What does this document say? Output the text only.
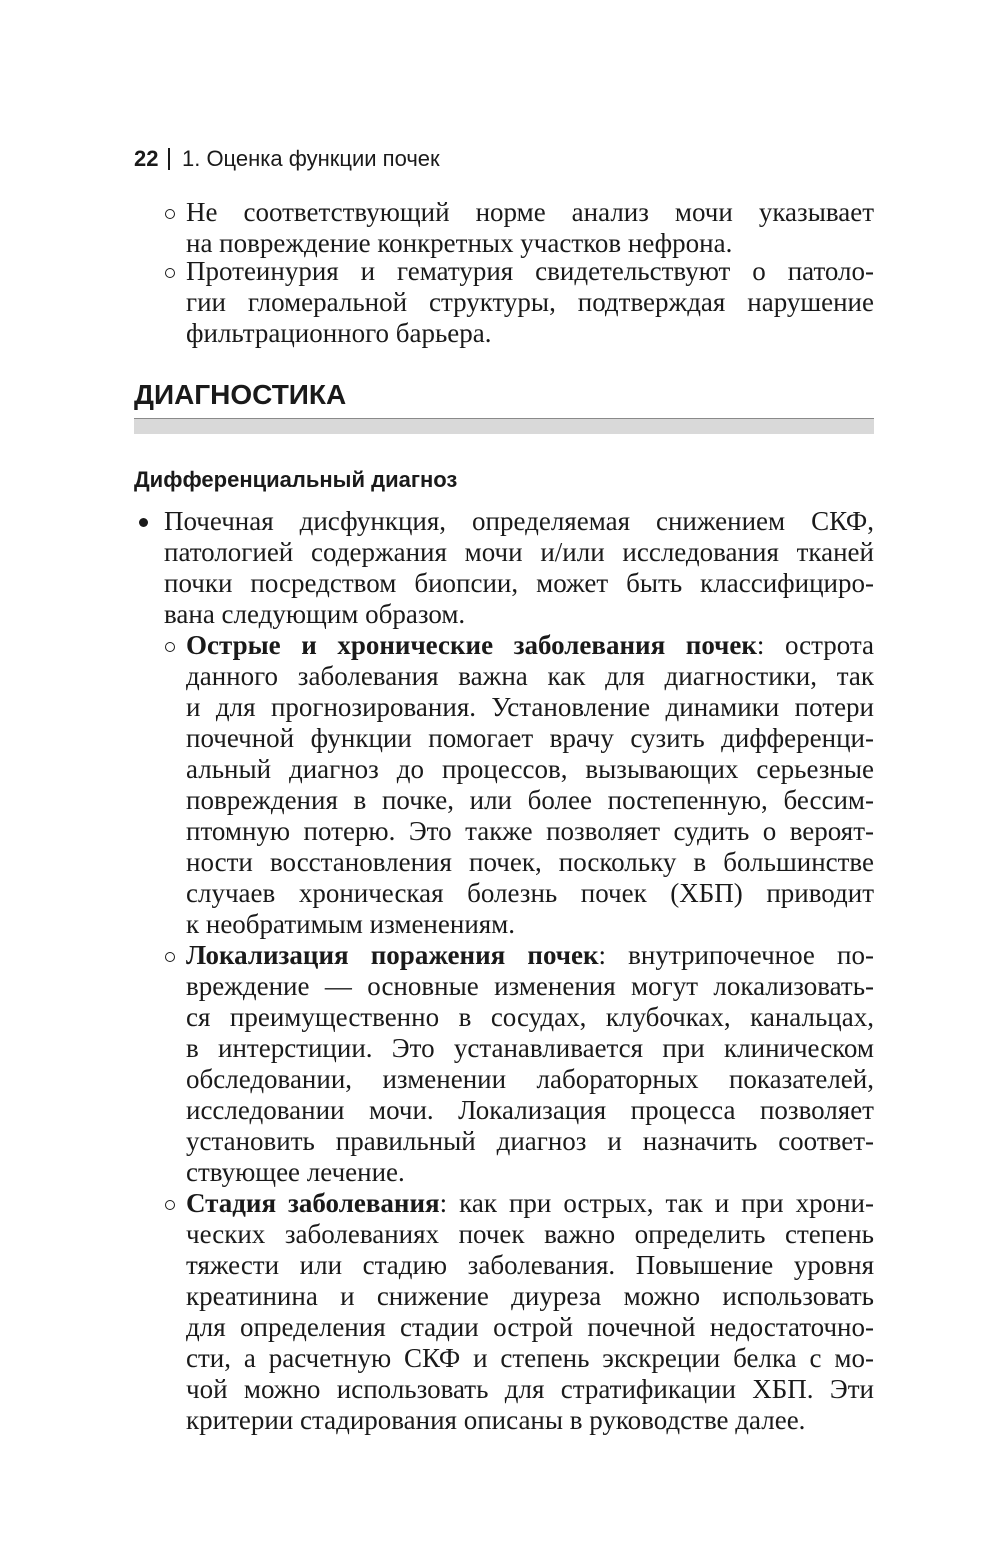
22 1. Оценка функции почек
Не соответствующий норме анализ мочи указывает
на повреждение конкретных участков нефрона.
Протеинурия и гематурия свидетельствуют о патоло-
гии гломеральной структуры, подтверждая нарушение
фильтрационного барьера.
ДИАГНОСТИКА
Дифференциальный диагноз
Почечная дисфункция, определяемая снижением СКФ,
патологией содержания мочи и/или исследования тканей
почки посредством биопсии, может быть классифициро-
вана следующим образом.
Острые и хронические заболевания почек: острота
данного заболевания важна как для диагностики, так
и для прогнозирования. Установление динамики потери
почечной функции помогает врачу сузить дифференци-
альный диагноз до процессов, вызывающих серьезные
повреждения в почке, или более постепенную, бессим-
птомную потерю. Это также позволяет судить о вероят-
ности восстановления почек, поскольку в большинстве
случаев хроническая болезнь почек (ХБП) приводит
к необратимым изменениям.
Локализация поражения почек: внутрипочечное по-
вреждение — основные изменения могут локализовать-
ся преимущественно в сосудах, клубочках, канальцах,
в интерстиции. Это устанавливается при клиническом
обследовании, изменении лабораторных показателей,
исследовании мочи. Локализация процесса позволяет
установить правильный диагноз и назначить соответ-
ствующее лечение.
Стадия заболевания: как при острых, так и при хрони-
ческих заболеваниях почек важно определить степень
тяжести или стадию заболевания. Повышение уровня
креатинина и снижение диуреза можно использовать
для определения стадии острой почечной недостаточно-
сти, а расчетную СКФ и степень экскреции белка с мо-
чой можно использовать для стратификации ХБП. Эти
критерии стадирования описаны в руководстве далее.
